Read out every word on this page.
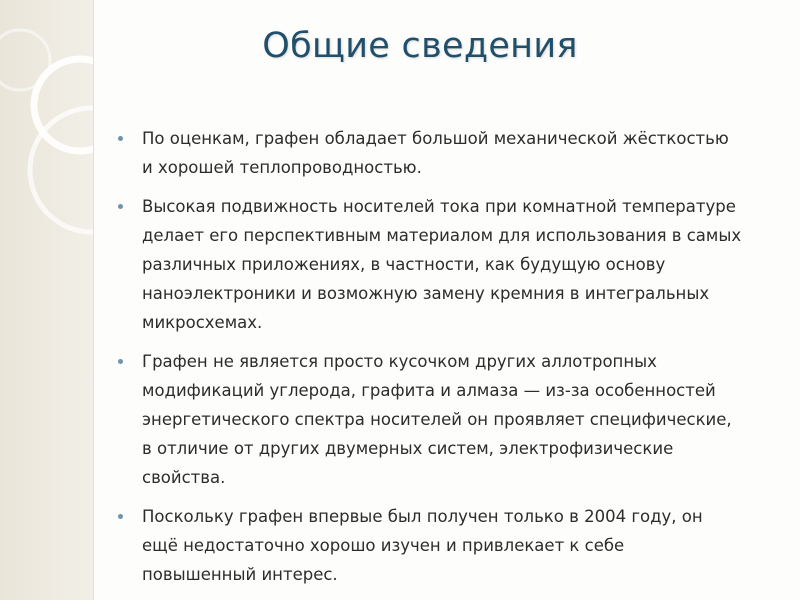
Общие сведения
По оценкам, графен обладает большой механической жёсткостью и хорошей теплопроводностью.
Высокая подвижность носителей тока при комнатной температуре делает его перспективным материалом для использования в самых различных приложениях, в частности, как будущую основу наноэлектроники и возможную замену кремния в интегральных микросхемах.
Графен не является просто кусочком других аллотропных модификаций углерода, графита и алмаза — из-за особенностей энергетического спектра носителей он проявляет специфические, в отличие от других двумерных систем, электрофизические свойства.
Поскольку графен впервые был получен только в 2004 году, он ещё недостаточно хорошо изучен и привлекает к себе повышенный интерес.
